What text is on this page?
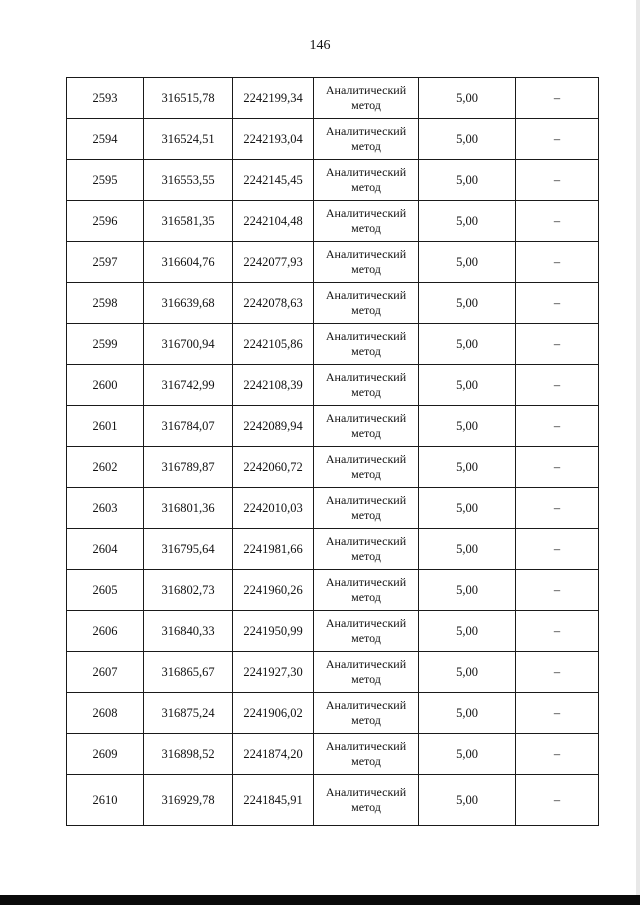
146
2593	316515,78	2242199,34	Аналитический метод	5,00	–
2594	316524,51	2242193,04	Аналитический метод	5,00	–
2595	316553,55	2242145,45	Аналитический метод	5,00	–
2596	316581,35	2242104,48	Аналитический метод	5,00	–
2597	316604,76	2242077,93	Аналитический метод	5,00	–
2598	316639,68	2242078,63	Аналитический метод	5,00	–
2599	316700,94	2242105,86	Аналитический метод	5,00	–
2600	316742,99	2242108,39	Аналитический метод	5,00	–
2601	316784,07	2242089,94	Аналитический метод	5,00	–
2602	316789,87	2242060,72	Аналитический метод	5,00	–
2603	316801,36	2242010,03	Аналитический метод	5,00	–
2604	316795,64	2241981,66	Аналитический метод	5,00	–
2605	316802,73	2241960,26	Аналитический метод	5,00	–
2606	316840,33	2241950,99	Аналитический метод	5,00	–
2607	316865,67	2241927,30	Аналитический метод	5,00	–
2608	316875,24	2241906,02	Аналитический метод	5,00	–
2609	316898,52	2241874,20	Аналитический метод	5,00	–
2610	316929,78	2241845,91	Аналитический метод	5,00	–
